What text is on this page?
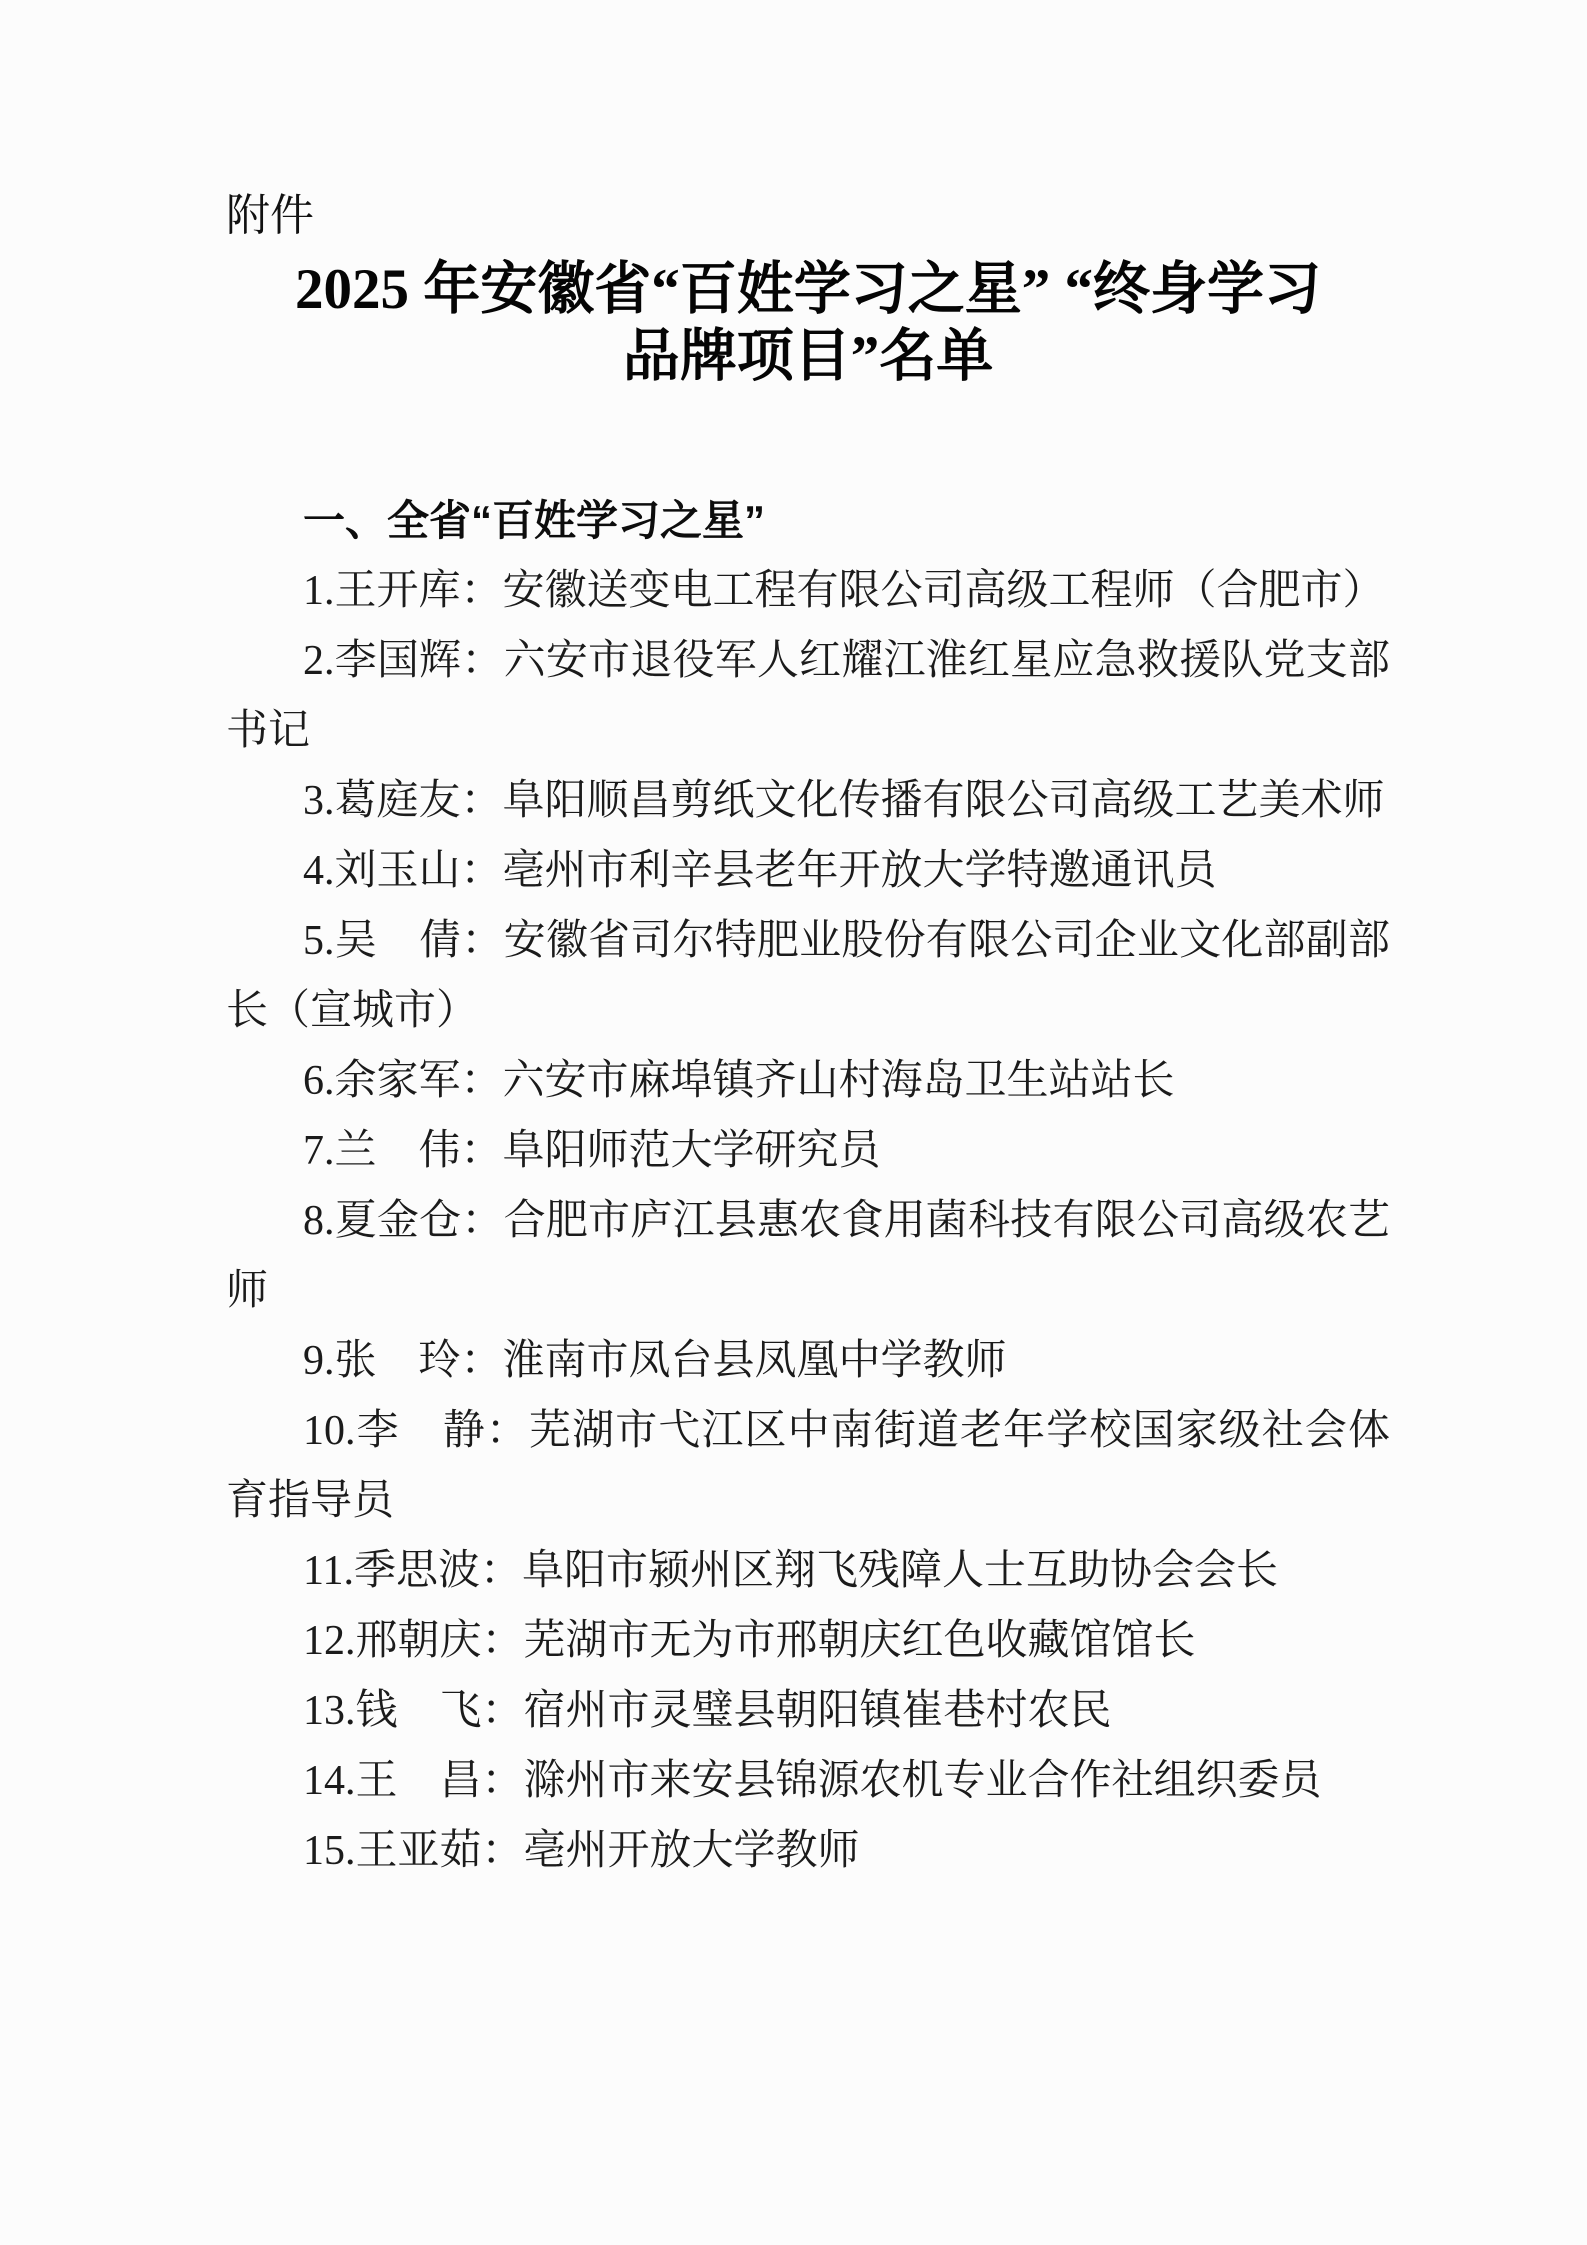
附件
2025 年安徽省“百姓学习之星” “终身学习
品牌项目”名单

一、全省“百姓学习之星”

1.王开库：安徽送变电工程有限公司高级工程师（合肥市）

2.李国辉：六安市退役军人红耀江淮红星应急救援队党支部书记

3.葛庭友：阜阳顺昌剪纸文化传播有限公司高级工艺美术师

4.刘玉山：亳州市利辛县老年开放大学特邀通讯员

5.吴　倩：安徽省司尔特肥业股份有限公司企业文化部副部长（宣城市）

6.余家军：六安市麻埠镇齐山村海岛卫生站站长

7.兰　伟：阜阳师范大学研究员

8.夏金仓：合肥市庐江县惠农食用菌科技有限公司高级农艺师

9.张　玲：淮南市凤台县凤凰中学教师

10.李　静：芜湖市弋江区中南街道老年学校国家级社会体育指导员

11.季思波：阜阳市颍州区翔飞残障人士互助协会会长

12.邢朝庆：芜湖市无为市邢朝庆红色收藏馆馆长

13.钱　飞：宿州市灵璧县朝阳镇崔巷村农民

14.王　昌：滁州市来安县锦源农机专业合作社组织委员

15.王亚茹：亳州开放大学教师
